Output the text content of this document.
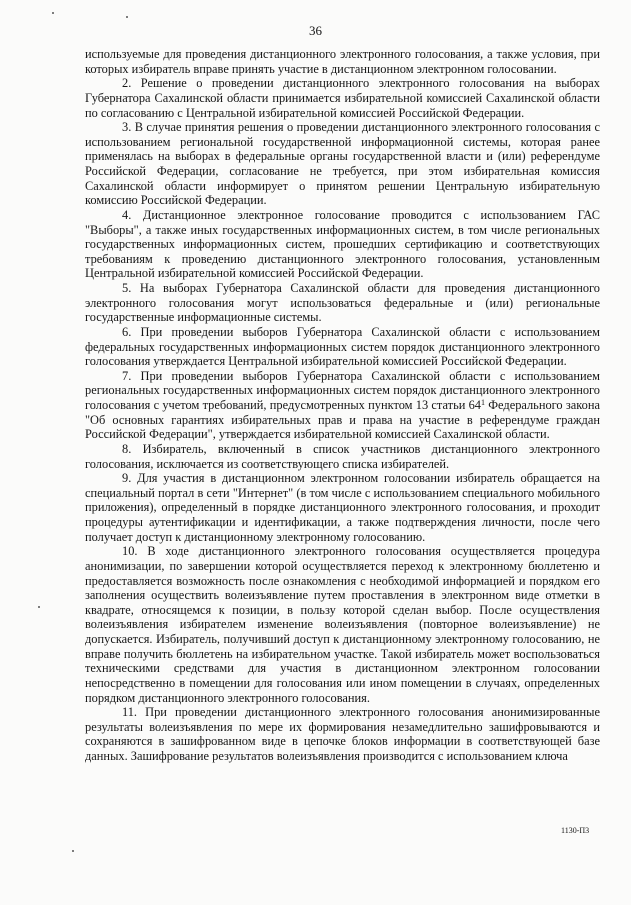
36

используемые для проведения дистанционного электронного голосования, а также условия, при которых избиратель вправе принять участие в дистанционном электронном голосовании.

2. Решение о проведении дистанционного электронного голосования на выборах Губернатора Сахалинской области принимается избирательной комиссией Сахалинской области по согласованию с Центральной избирательной комиссией Российской Федерации.

3. В случае принятия решения о проведении дистанционного электронного голосования с использованием региональной государственной информационной системы, которая ранее применялась на выборах в федеральные органы государственной власти и (или) референдуме Российской Федерации, согласование не требуется, при этом избирательная комиссия Сахалинской области информирует о принятом решении Центральную избирательную комиссию Российской Федерации.

4. Дистанционное электронное голосование проводится с использованием ГАС "Выборы", а также иных государственных информационных систем, в том числе региональных государственных информационных систем, прошедших сертификацию и соответствующих требованиям к проведению дистанционного электронного голосования, установленным Центральной избирательной комиссией Российской Федерации.

5. На выборах Губернатора Сахалинской области для проведения дистанционного электронного голосования могут использоваться федеральные и (или) региональные государственные информационные системы.

6. При проведении выборов Губернатора Сахалинской области с использованием федеральных государственных информационных систем порядок дистанционного электронного голосования утверждается Центральной избирательной комиссией Российской Федерации.

7. При проведении выборов Губернатора Сахалинской области с использованием региональных государственных информационных систем порядок дистанционного электронного голосования с учетом требований, предусмотренных пунктом 13 статьи $64^1$ Федерального закона "Об основных гарантиях избирательных прав и права на участие в референдуме граждан Российской Федерации", утверждается избирательной комиссией Сахалинской области.

8. Избиратель, включенный в список участников дистанционного электронного голосования, исключается из соответствующего списка избирателей.

9. Для участия в дистанционном электронном голосовании избиратель обращается на специальный портал в сети "Интернет" (в том числе с использованием специального мобильного приложения), определенный в порядке дистанционного электронного голосования, и проходит процедуры аутентификации и идентификации, а также подтверждения личности, после чего получает доступ к дистанционному электронному голосованию.

10. В ходе дистанционного электронного голосования осуществляется процедура анонимизации, по завершении которой осуществляется переход к электронному бюллетеню и предоставляется возможность после ознакомления с необходимой информацией и порядком его заполнения осуществить волеизъявление путем проставления в электронном виде отметки в квадрате, относящемся к позиции, в пользу которой сделан выбор. После осуществления волеизъявления избирателем изменение волеизъявления (повторное волеизъявление) не допускается. Избиратель, получивший доступ к дистанционному электронному голосованию, не вправе получить бюллетень на избирательном участке. Такой избиратель может воспользоваться техническими средствами для участия в дистанционном электронном голосовании непосредственно в помещении для голосования или ином помещении в случаях, определенных порядком дистанционного электронного голосования.

11. При проведении дистанционного электронного голосования анонимизированные результаты волеизъявления по мере их формирования незамедлительно зашифровываются и сохраняются в зашифрованном виде в цепочке блоков информации в соответствующей базе данных. Зашифрование результатов волеизъявления производится с использованием ключа

1130-П3
